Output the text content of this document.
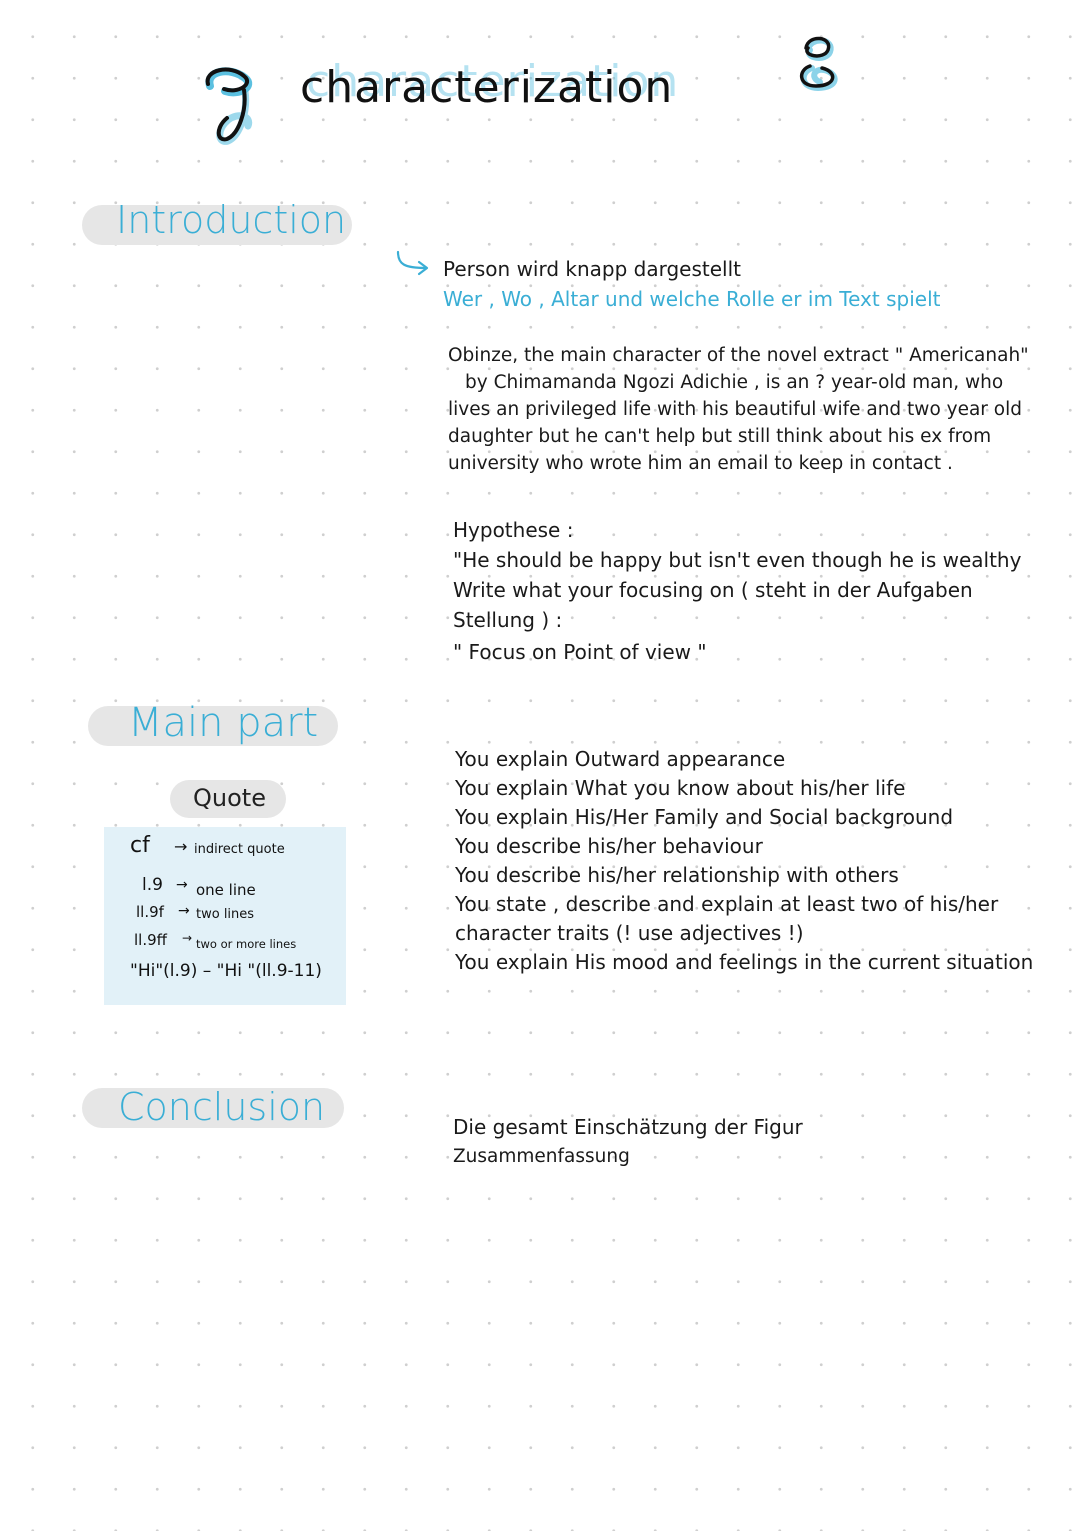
characterization
Introduction
Main part
Quote
Conclusion
cf → indirect quote
l.9 → one line
ll.9f → two lines
ll.9ff → two or more lines
"Hi"(l.9) – "Hi "(ll.9-11)
Person wird knapp dargestellt
Wer , Wo , Altar und welche Rolle er im Text spielt
Obinze, the main character of the novel extract " Americanah"
by Chimamanda Ngozi Adichie , is an ? year-old man, who
lives an privileged life with his beautiful wife and two year old
daughter but he can't help but still think about his ex from
university who wrote him an email to keep in contact .
Hypothese :
"He should be happy but isn't even though he is wealthy
Write what your focusing on ( steht in der Aufgaben
Stellung ) :
" Focus on Point of view "
You explain Outward appearance
You explain What you know about his/her life
You explain His/Her Family and Social background
You describe his/her behaviour
You describe his/her relationship with others
You state , describe and explain at least two of his/her
character traits (! use adjectives !)
You explain His mood and feelings in the current situation
Die gesamt Einschätzung der Figur
Zusammenfassung
